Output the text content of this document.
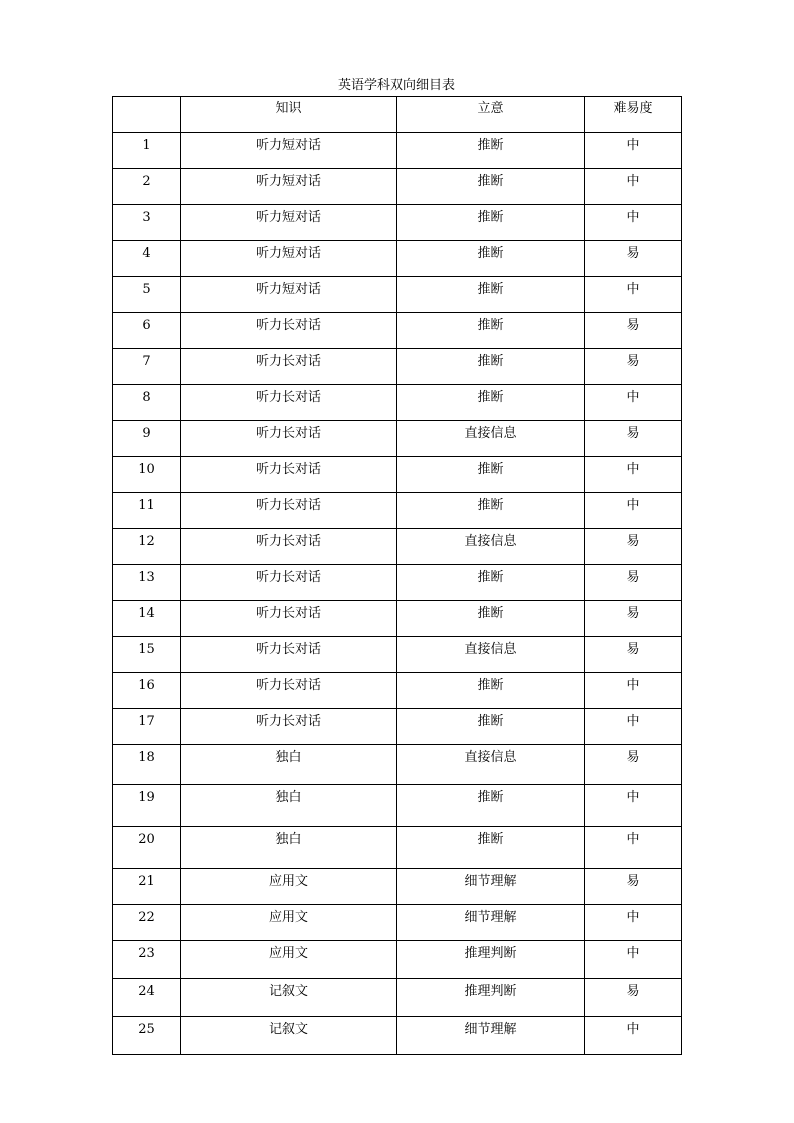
英语学科双向细目表
	知识	立意	难易度
1	听力短对话	推断	中
2	听力短对话	推断	中
3	听力短对话	推断	中
4	听力短对话	推断	易
5	听力短对话	推断	中
6	听力长对话	推断	易
7	听力长对话	推断	易
8	听力长对话	推断	中
9	听力长对话	直接信息	易
10	听力长对话	推断	中
11	听力长对话	推断	中
12	听力长对话	直接信息	易
13	听力长对话	推断	易
14	听力长对话	推断	易
15	听力长对话	直接信息	易
16	听力长对话	推断	中
17	听力长对话	推断	中
18	独白	直接信息	易
19	独白	推断	中
20	独白	推断	中
21	应用文	细节理解	易
22	应用文	细节理解	中
23	应用文	推理判断	中
24	记叙文	推理判断	易
25	记叙文	细节理解	中
